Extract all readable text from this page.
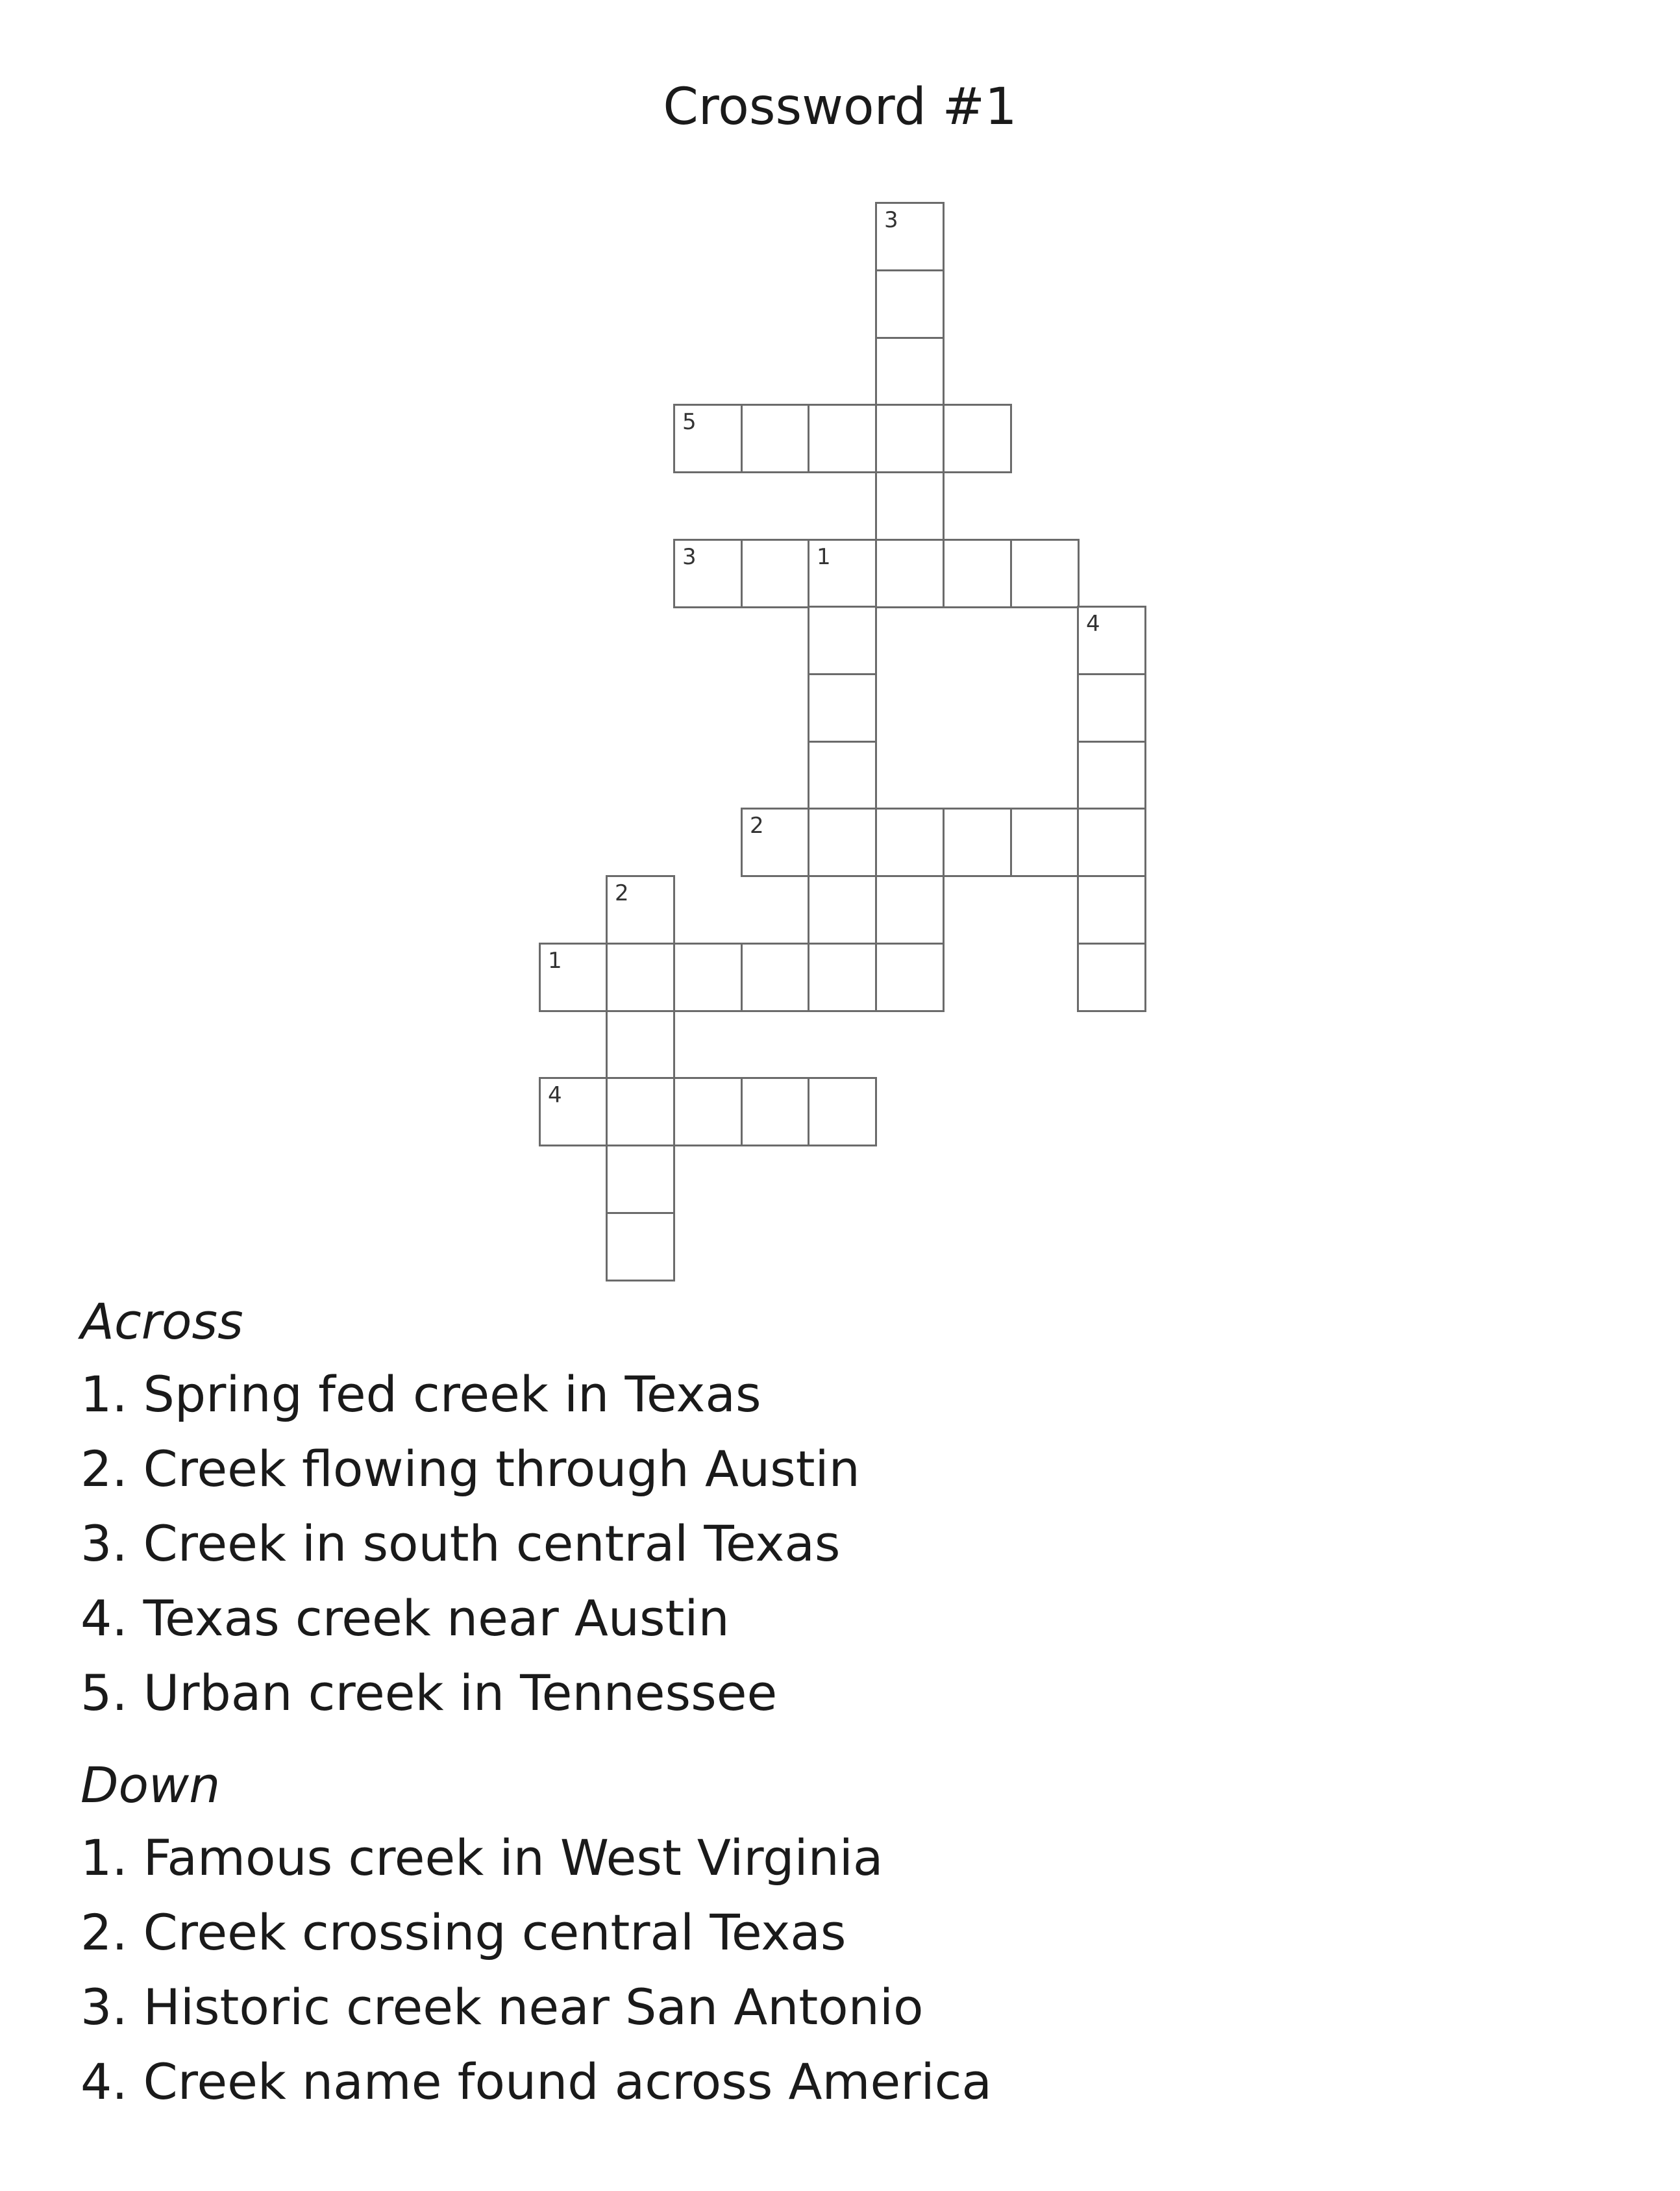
Crossword #1
3
5
3	1
4
2
2
1
4
Across
1. Spring fed creek in Texas
2. Creek flowing through Austin
3. Creek in south central Texas
4. Texas creek near Austin
5. Urban creek in Tennessee
Down
1. Famous creek in West Virginia
2. Creek crossing central Texas
3. Historic creek near San Antonio
4. Creek name found across America
